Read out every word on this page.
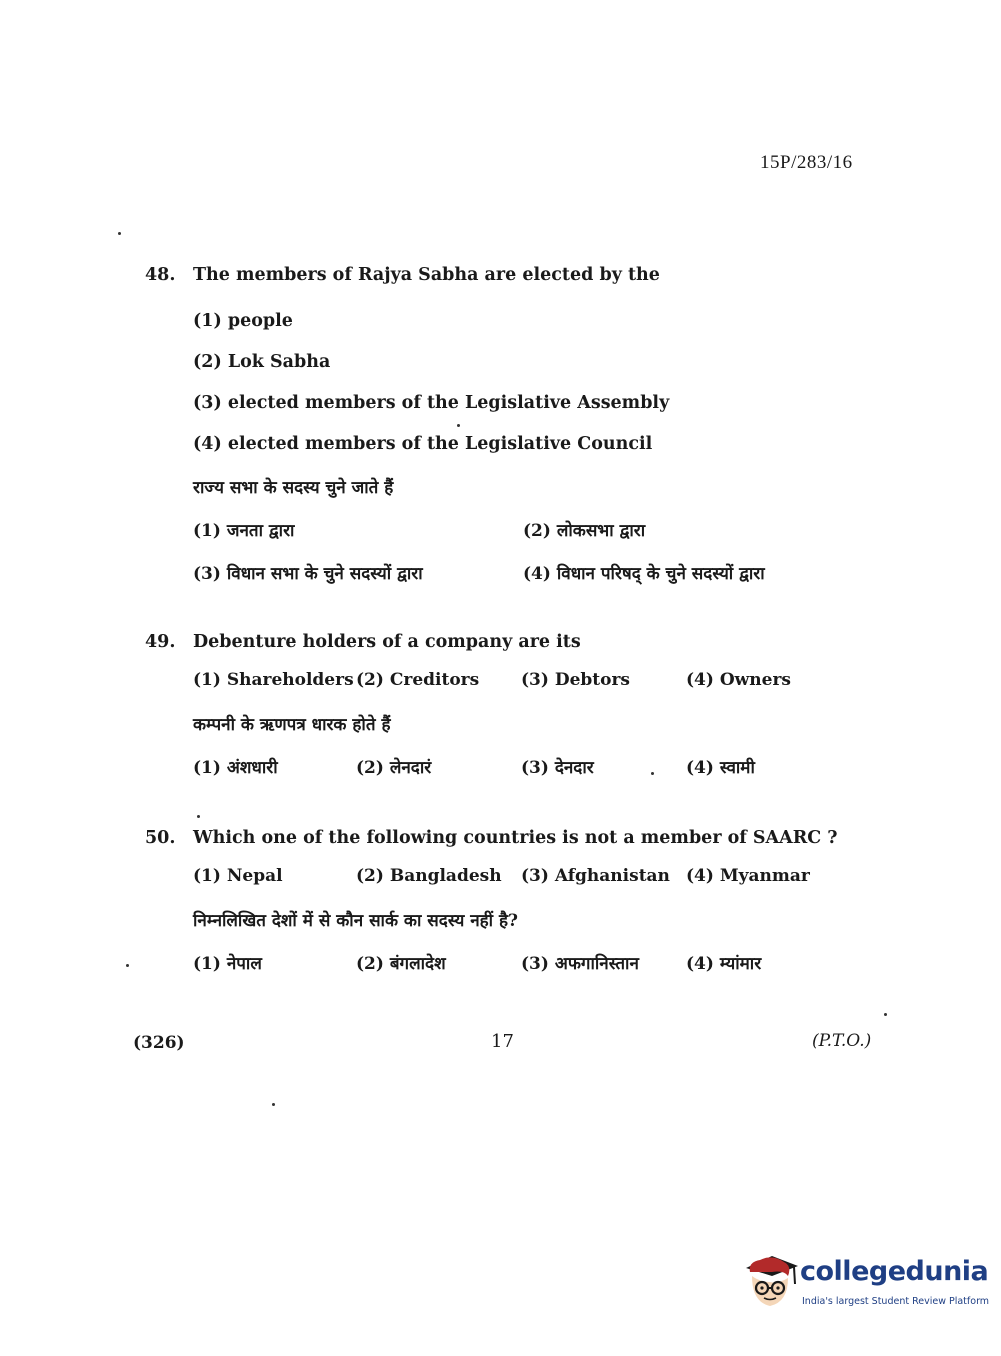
15P/283/16
48.	The members of Rajya Sabha are elected by the
(1) people
(2) Lok Sabha
(3) elected members of the Legislative Assembly
(4) elected members of the Legislative Council
राज्य सभा के सदस्य चुने जाते हैं
(1) जनता द्वारा	(2) लोकसभा द्वारा
(3) विधान सभा के चुने सदस्यों द्वारा	(4) विधान परिषद् के चुने सदस्यों द्वारा
49.	Debenture holders of a company are its
(1) Shareholders (2) Creditors	(3) Debtors	(4) Owners
कम्पनी के ऋणपत्र धारक होते हैं
(1) अंशधारी	(2) लेनदारं	(3) देनदार	(4) स्वामी
50.	Which one of the following countries is not a member of SAARC ?
(1) Nepal	(2) Bangladesh	(3) Afghanistan (4) Myanmar
निम्नलिखित देशों में से कौन सार्क का सदस्य नहीं है?
(1) नेपाल	(2) बंगलादेश	(3) अफगानिस्तान	(4) म्यांमार
(326)	17	(P.T.O.)
collegedunia
India's largest Student Review Platform
